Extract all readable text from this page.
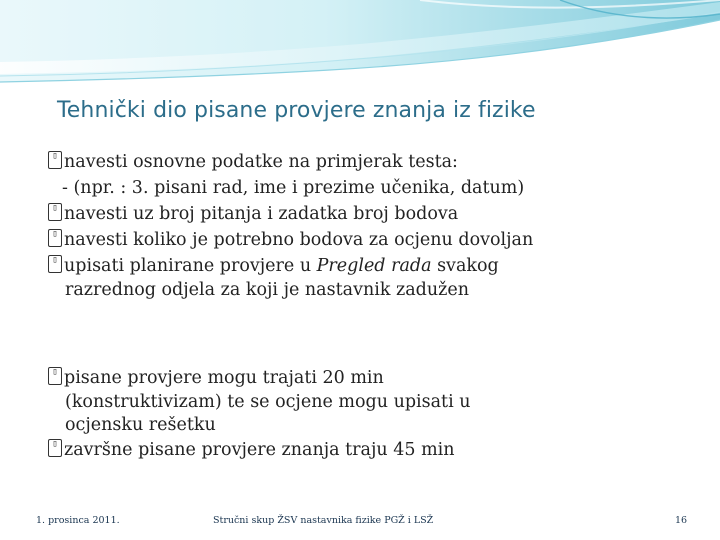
Tehnički dio pisane provjere znanja iz fizike
▯ navesti osnovne podatke na primjerak testa:
- (npr. : 3. pisani rad, ime i prezime učenika, datum)
▯ navesti uz broj pitanja i zadatka broj bodova
▯ navesti koliko je potrebno bodova za ocjenu dovoljan
▯ upisati planirane provjere u Pregled rada svakog
razrednog odjela za koji je nastavnik zadužen
▯ pisane provjere mogu trajati 20 min
(konstruktivizam) te se ocjene mogu upisati u
ocjensku rešetku
▯ završne pisane provjere znanja traju 45 min
1. prosinca 2011.	Stručni skup ŽSV nastavnika fizike PGŽ i LSŽ	16
